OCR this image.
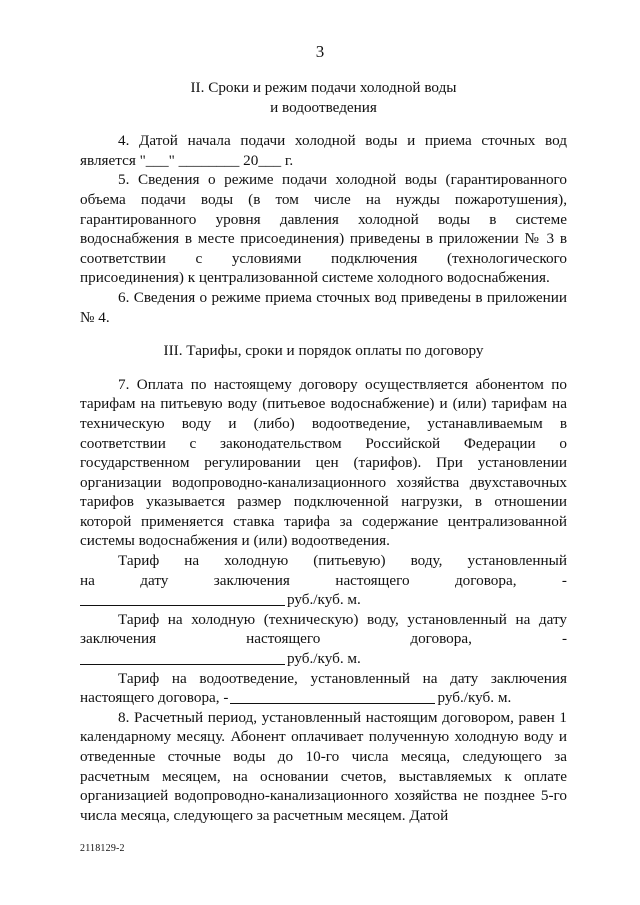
3

II. Сроки и режим подачи холодной воды

и водоотведения

4. Датой начала подачи холодной воды и приема сточных вод является "___" ________ 20___ г.

5. Сведения о режиме подачи холодной воды (гарантированного объема подачи воды (в том числе на нужды пожаротушения), гарантированного уровня давления холодной воды в системе водоснабжения в месте присоединения) приведены в приложении № 3 в соответствии с условиями подключения (технологического присоединения) к централизованной системе холодного водоснабжения.

6. Сведения о режиме приема сточных вод приведены в приложении № 4.

III. Тарифы, сроки и порядок оплаты по договору

7. Оплата по настоящему договору осуществляется абонентом по тарифам на питьевую воду (питьевое водоснабжение) и (или) тарифам на техническую воду и (либо) водоотведение, устанавливаемым в соответствии с законодательством Российской Федерации о государственном регулировании цен (тарифов). При установлении организации водопроводно-канализационного хозяйства двухставочных тарифов указывается размер подключенной нагрузки, в отношении которой применяется ставка тарифа за содержание централизованной системы водоснабжения и (или) водоотведения.

Тариф на холодную (питьевую) воду, установленный

на дату заключения настоящего договора, -

руб./куб. м.

Тариф на холодную (техническую) воду, установленный на дату

заключения настоящего договора, -

руб./куб. м.

Тариф на водоотведение, установленный на дату заключения

настоящего договора, -	руб./куб. м.

8. Расчетный период, установленный настоящим договором, равен 1 календарному месяцу. Абонент оплачивает полученную холодную воду и отведенные сточные воды до 10-го числа месяца, следующего за расчетным месяцем, на основании счетов, выставляемых к оплате организацией водопроводно-канализационного хозяйства не позднее 5-го числа месяца, следующего за расчетным месяцем. Датой

2118129-2
